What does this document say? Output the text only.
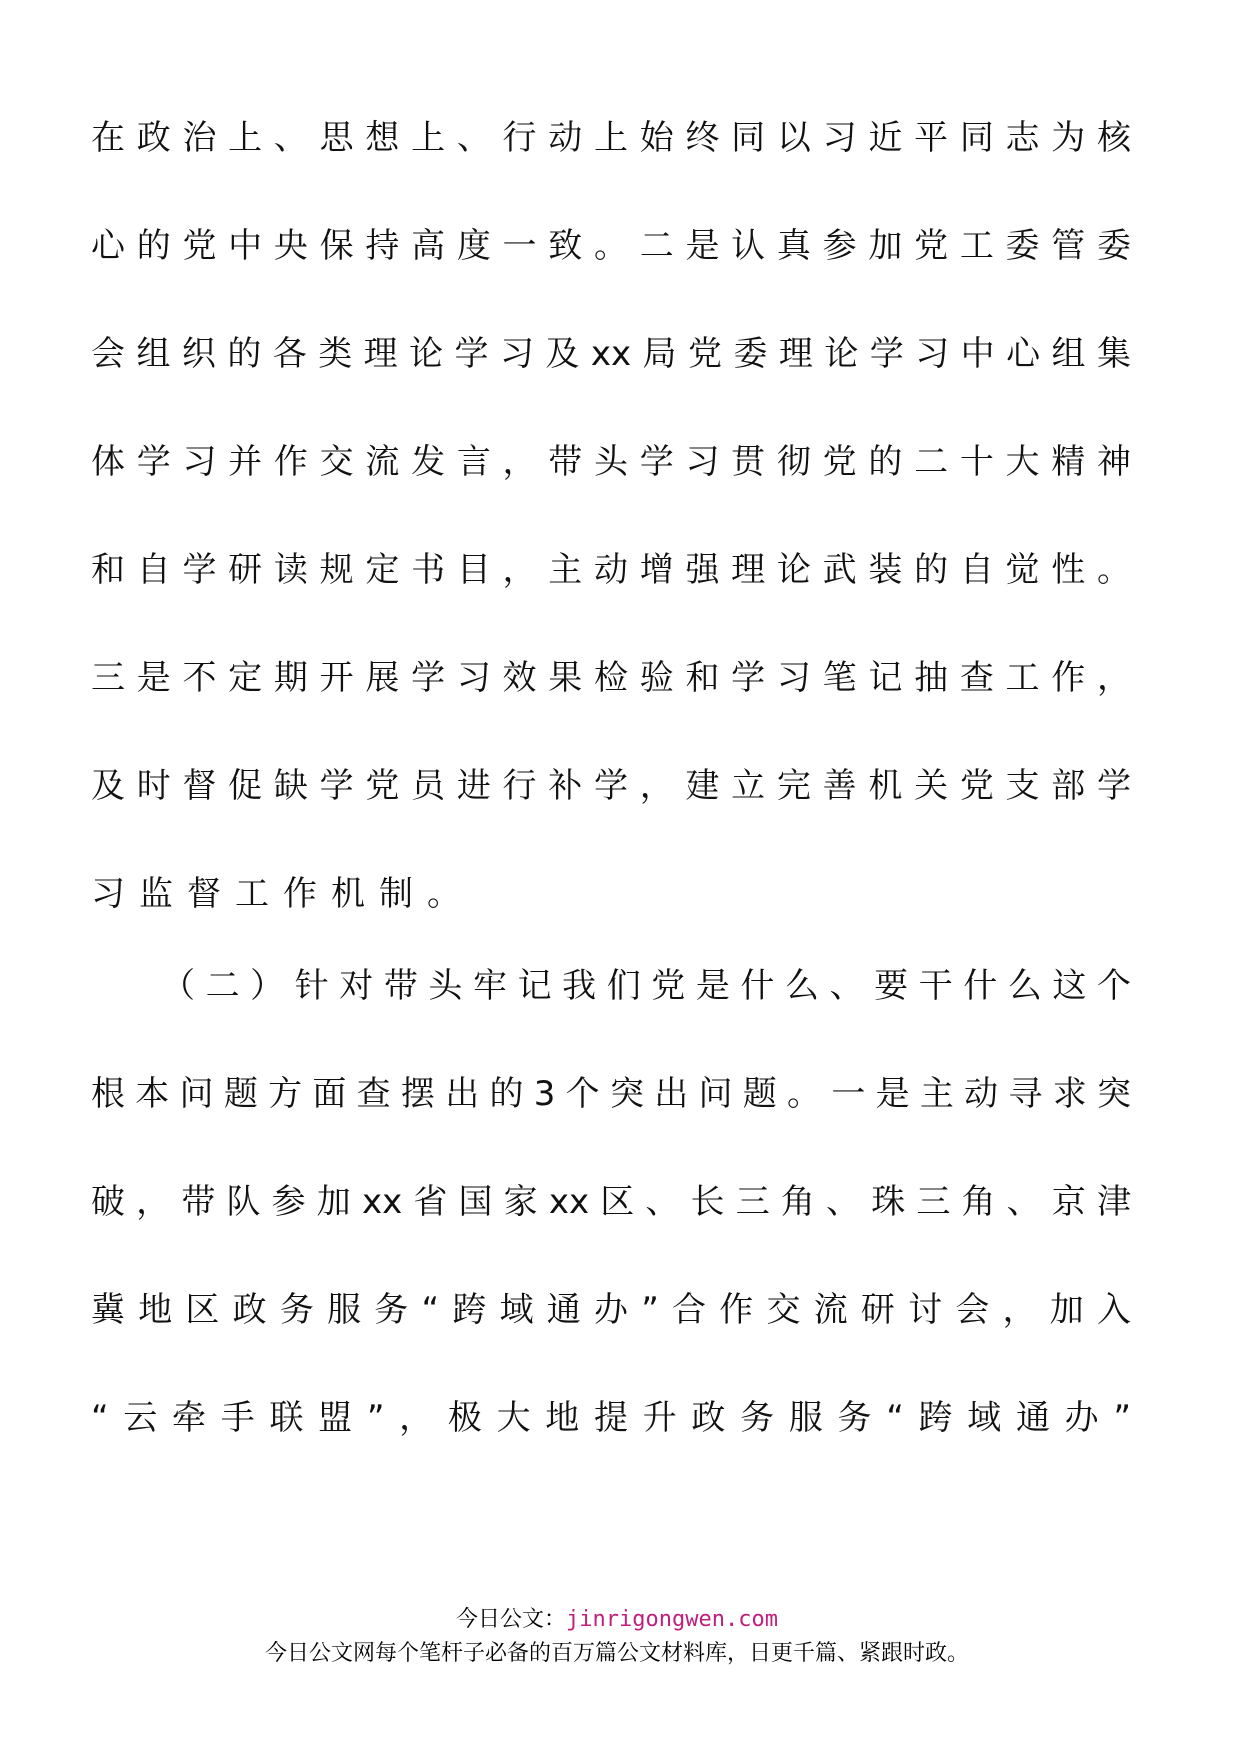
在政治上、思想上、行动上始终同以习近平同志为核
心的党中央保持高度一致。二是认真参加党工委管委
会组织的各类理论学习及xx局党委理论学习中心组集
体学习并作交流发言，带头学习贯彻党的二十大精神
和自学研读规定书目，主动增强理论武装的自觉性。
三是不定期开展学习效果检验和学习笔记抽查工作，
及时督促缺学党员进行补学，建立完善机关党支部学
习监督工作机制。
（二）针对带头牢记我们党是什么、要干什么这个
根本问题方面查摆出的3个突出问题。一是主动寻求突
破，带队参加xx省国家xx区、长三角、珠三角、京津
冀地区政务服务“跨域通办”合作交流研讨会，加入
“云牵手联盟”，极大地提升政务服务“跨域通办”
今日公文：jinrigongwen.com
今日公文网每个笔杆子必备的百万篇公文材料库，日更千篇、紧跟时政。
